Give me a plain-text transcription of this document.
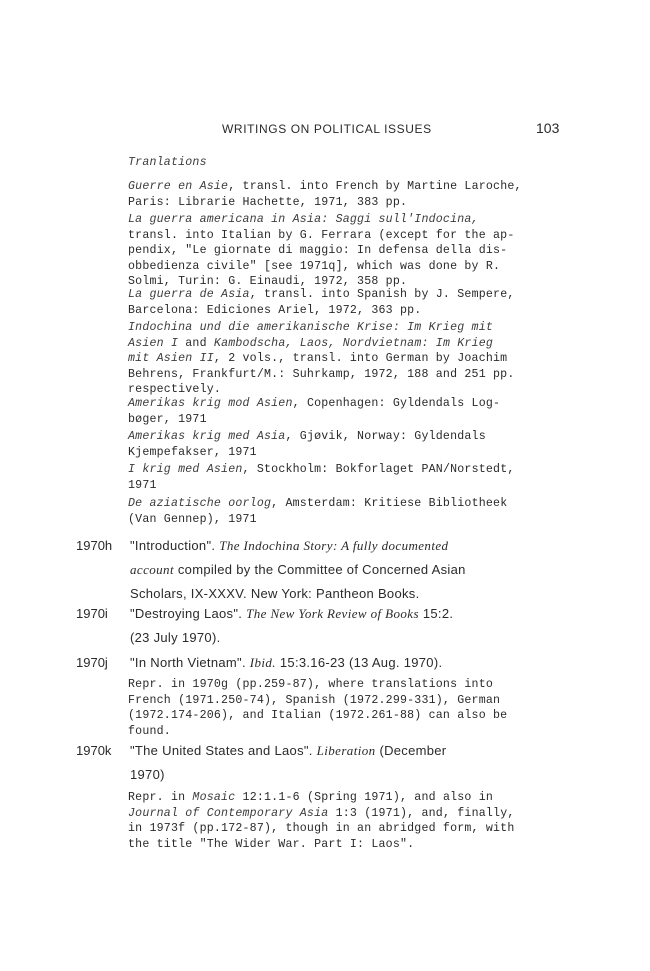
WRITINGS ON POLITICAL ISSUES	103
Tranlations
Guerre en Asie, transl. into French by Martine Laroche,
Paris: Librarie Hachette, 1971, 383 pp.
La guerra americana in Asia: Saggi sull'Indocina,
transl. into Italian by G. Ferrara (except for the ap-
pendix, "Le giornate di maggio: In defensa della dis-
obbedienza civile" [see 1971q], which was done by R.
Solmi, Turin: G. Einaudi, 1972, 358 pp.
La guerra de Asia, transl. into Spanish by J. Sempere,
Barcelona: Ediciones Ariel, 1972, 363 pp.
Indochina und die amerikanische Krise: Im Krieg mit
Asien I and Kambodscha, Laos, Nordvietnam: Im Krieg
mit Asien II, 2 vols., transl. into German by Joachim
Behrens, Frankfurt/M.: Suhrkamp, 1972, 188 and 251 pp.
respectively.
Amerikas krig mod Asien, Copenhagen: Gyldendals Log-
bøger, 1971
Amerikas krig med Asia, Gjøvik, Norway: Gyldendals
Kjempefakser, 1971
I krig med Asien, Stockholm: Bokforlaget PAN/Norstedt,
1971
De aziatische oorlog, Amsterdam: Kritiese Bibliotheek
(Van Gennep), 1971
1970h "Introduction". The Indochina Story: A fully documented
account compiled by the Committee of Concerned Asian
Scholars, IX-XXXV. New York: Pantheon Books.
1970i "Destroying Laos". The New York Review of Books 15:2.
(23 July 1970).
1970j "In North Vietnam". Ibid. 15:3.16-23 (13 Aug. 1970).
Repr. in 1970g (pp.259-87), where translations into
French (1971.250-74), Spanish (1972.299-331), German
(1972.174-206), and Italian (1972.261-88) can also be
found.
1970k "The United States and Laos". Liberation (December
1970)
Repr. in Mosaic 12:1.1-6 (Spring 1971), and also in
Journal of Contemporary Asia 1:3 (1971), and, finally,
in 1973f (pp.172-87), though in an abridged form, with
the title "The Wider War. Part I: Laos".
